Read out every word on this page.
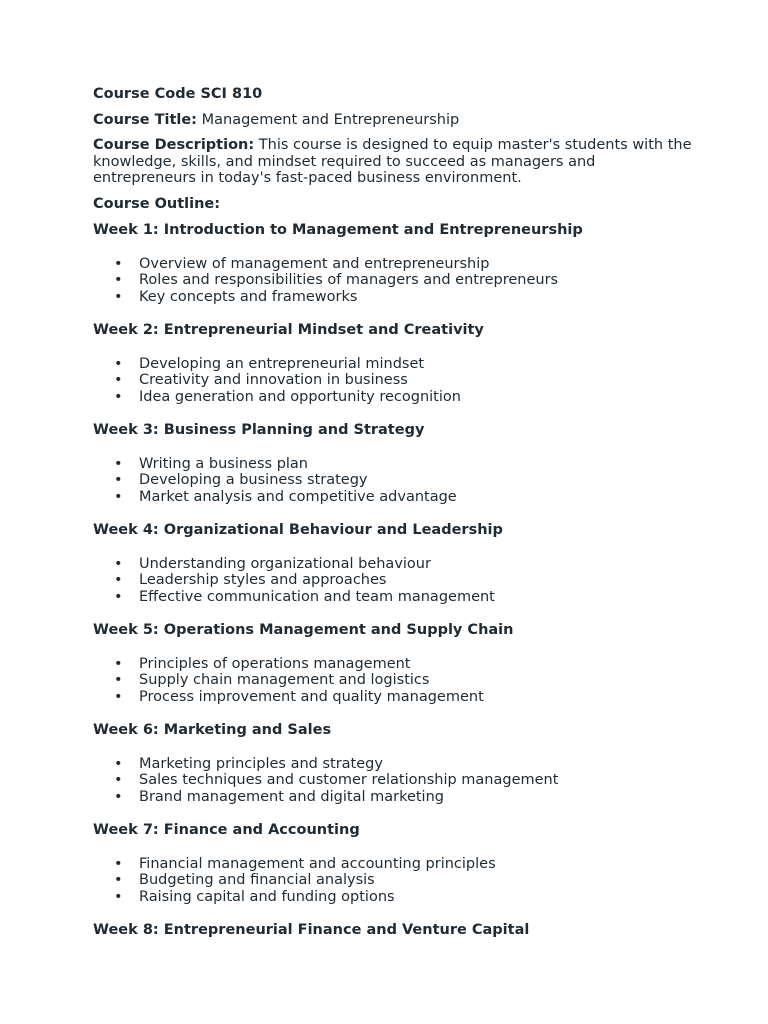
Course Code SCI 810

Course Title: Management and Entrepreneurship

Course Description: This course is designed to equip master's students with the knowledge, skills, and mindset required to succeed as managers and entrepreneurs in today's fast-paced business environment.

Course Outline:

Week 1: Introduction to Management and Entrepreneurship

• Overview of management and entrepreneurship
• Roles and responsibilities of managers and entrepreneurs
• Key concepts and frameworks

Week 2: Entrepreneurial Mindset and Creativity

• Developing an entrepreneurial mindset
• Creativity and innovation in business
• Idea generation and opportunity recognition

Week 3: Business Planning and Strategy

• Writing a business plan
• Developing a business strategy
• Market analysis and competitive advantage

Week 4: Organizational Behaviour and Leadership

• Understanding organizational behaviour
• Leadership styles and approaches
• Effective communication and team management

Week 5: Operations Management and Supply Chain

• Principles of operations management
• Supply chain management and logistics
• Process improvement and quality management

Week 6: Marketing and Sales

• Marketing principles and strategy
• Sales techniques and customer relationship management
• Brand management and digital marketing

Week 7: Finance and Accounting

• Financial management and accounting principles
• Budgeting and financial analysis
• Raising capital and funding options

Week 8: Entrepreneurial Finance and Venture Capital
